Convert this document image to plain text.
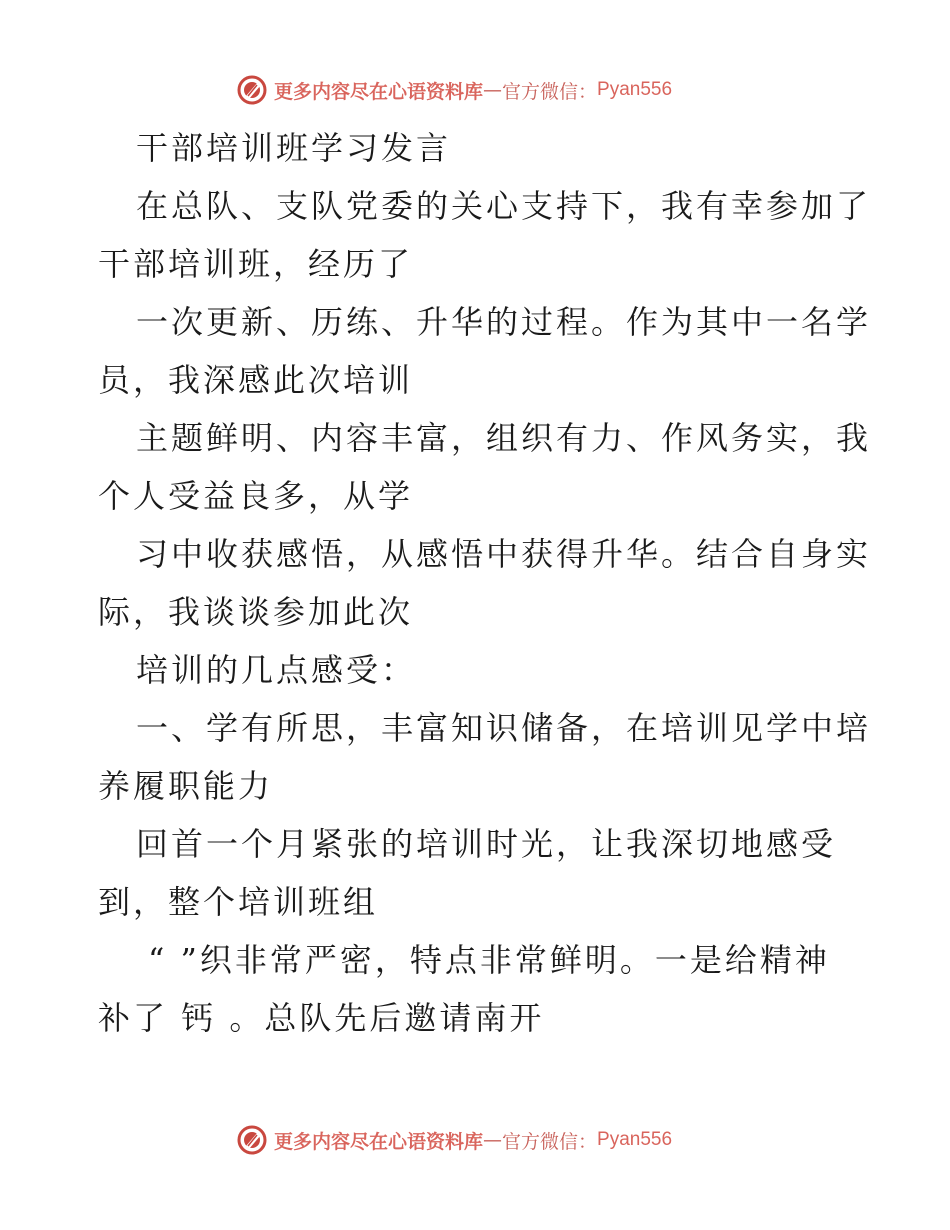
更多内容尽在心语资料库 — 官方微信： Pyan556
干部培训班学习发言
在总队、支队党委的关心支持下，我有幸参加了
干部培训班，经历了
一次更新、历练、升华的过程。作为其中一名学
员，我深感此次培训
主题鲜明、内容丰富，组织有力、作风务实，我
个人受益良多，从学
习中收获感悟，从感悟中获得升华。结合自身实
际，我谈谈参加此次
培训的几点感受：
一、学有所思，丰富知识储备，在培训见学中培
养履职能力
回首一个月紧张的培训时光，让我深切地感受
到，整个培训班组
“ ”织非常严密，特点非常鲜明。一是给精神
补了 钙 。总队先后邀请南开
更多内容尽在心语资料库 — 官方微信： Pyan556
